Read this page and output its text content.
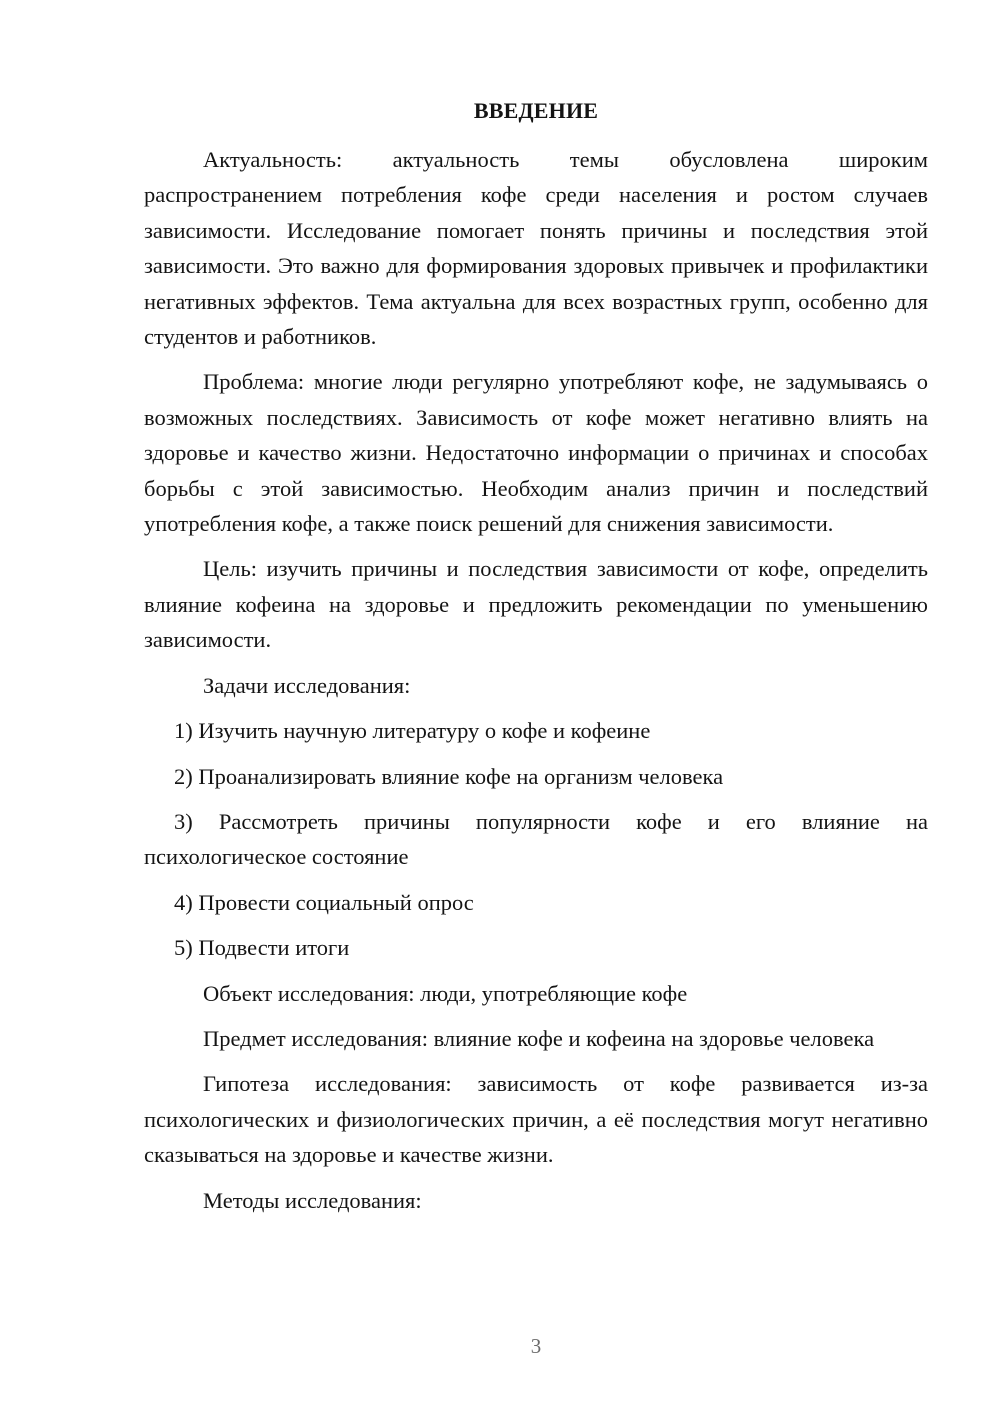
ВВЕДЕНИЕ

Актуальность: актуальность темы обусловлена широким распространением потребления кофе среди населения и ростом случаев зависимости. Исследование помогает понять причины и последствия этой зависимости. Это важно для формирования здоровых привычек и профилактики негативных эффектов. Тема актуальна для всех возрастных групп, особенно для студентов и работников.

Проблема: многие люди регулярно употребляют кофе, не задумываясь о возможных последствиях. Зависимость от кофе может негативно влиять на здоровье и качество жизни. Недостаточно информации о причинах и способах борьбы с этой зависимостью. Необходим анализ причин и последствий употребления кофе, а также поиск решений для снижения зависимости.

Цель: изучить причины и последствия зависимости от кофе, определить влияние кофеина на здоровье и предложить рекомендации по уменьшению зависимости.

Задачи исследования:

1) Изучить научную литературу о кофе и кофеине

2) Проанализировать влияние кофе на организм человека

3) Рассмотреть причины популярности кофе и его влияние на психологическое состояние

4) Провести социальный опрос

5) Подвести итоги

Объект исследования: люди, употребляющие кофе

Предмет исследования: влияние кофе и кофеина на здоровье человека

Гипотеза исследования: зависимость от кофе развивается из-за психологических и физиологических причин, а её последствия могут негативно сказываться на здоровье и качестве жизни.

Методы исследования:

3
